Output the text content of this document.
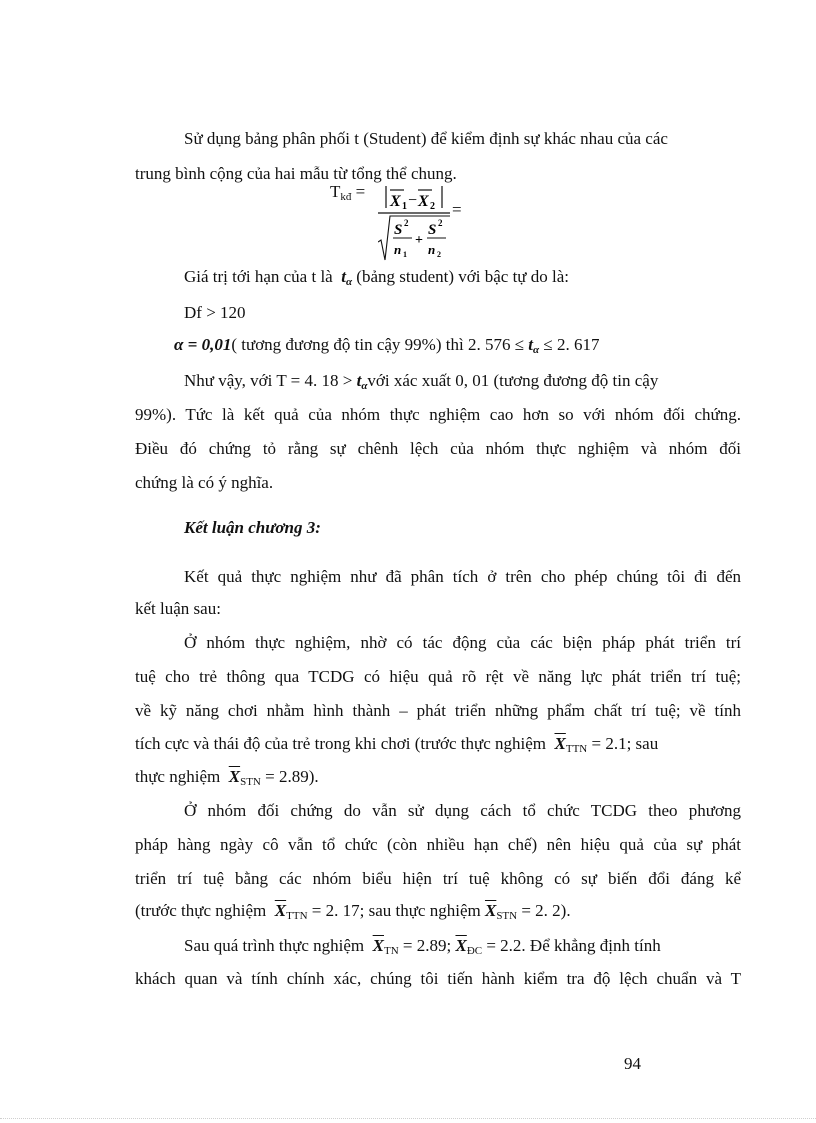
Sử dụng bảng phân phối t (Student) để kiểm định sự khác nhau của các
trung bình cộng của hai mẫu từ tổng thể chung.
$T_{kđ}$ =
X 1 − X 2
S 2
n 1
+
S 2
n 2
=
Giá trị tới hạn của t là $t_\alpha$ (bảng student) với bậc tự do là:
Df > 120
α = 0,01( tương đương độ tin cậy 99%) thì 2. $576 \le t_\alpha \le 2$. 617
Như vậy, với T = 4. $18 > t_\alpha với$ xác xuất 0, 01 (tương đương độ tin cậy
99%). Tức là kết quả của nhóm thực nghiệm cao hơn so với nhóm đối chứng.
Điều đó chứng tỏ rằng sự chênh lệch của nhóm thực nghiệm và nhóm đối
chứng là có ý nghĩa.
Kết luận chương 3:
Kết quả thực nghiệm như đã phân tích ở trên cho phép chúng tôi đi đến
kết luận sau:
Ở nhóm thực nghiệm, nhờ có tác động của các biện pháp phát triển trí
tuệ cho trẻ thông qua TCDG có hiệu quả rõ rệt về năng lực phát triển trí tuệ;
về kỹ năng chơi nhằm hình thành – phát triển những phẩm chất trí tuệ; về tính
tích cực và thái độ của trẻ trong khi chơi (trước thực nghiệm $\overline{X}_{TTN} = 2.1$; sau
thực nghiệm $\overline{X}_{STN} = 2.89$).
Ở nhóm đối chứng do vẫn sử dụng cách tổ chức TCDG theo phương
pháp hàng ngày cô vẫn tổ chức (còn nhiều hạn chế) nên hiệu quả của sự phát
triển trí tuệ bằng các nhóm biểu hiện trí tuệ không có sự biến đổi đáng kể
(trước thực nghiệm $\overline{X}_{TTN} = 2$. 17; sau thực nghiệm $\overline{X}_{STN} = 2$. 2).
Sau quá trình thực nghiệm $\overline{X}_{TN} = 2.89$; $\overline{X}_{ĐC} = 2.2$. Để khẳng định tính
khách quan và tính chính xác, chúng tôi tiến hành kiểm tra độ lệch chuẩn và T
94
